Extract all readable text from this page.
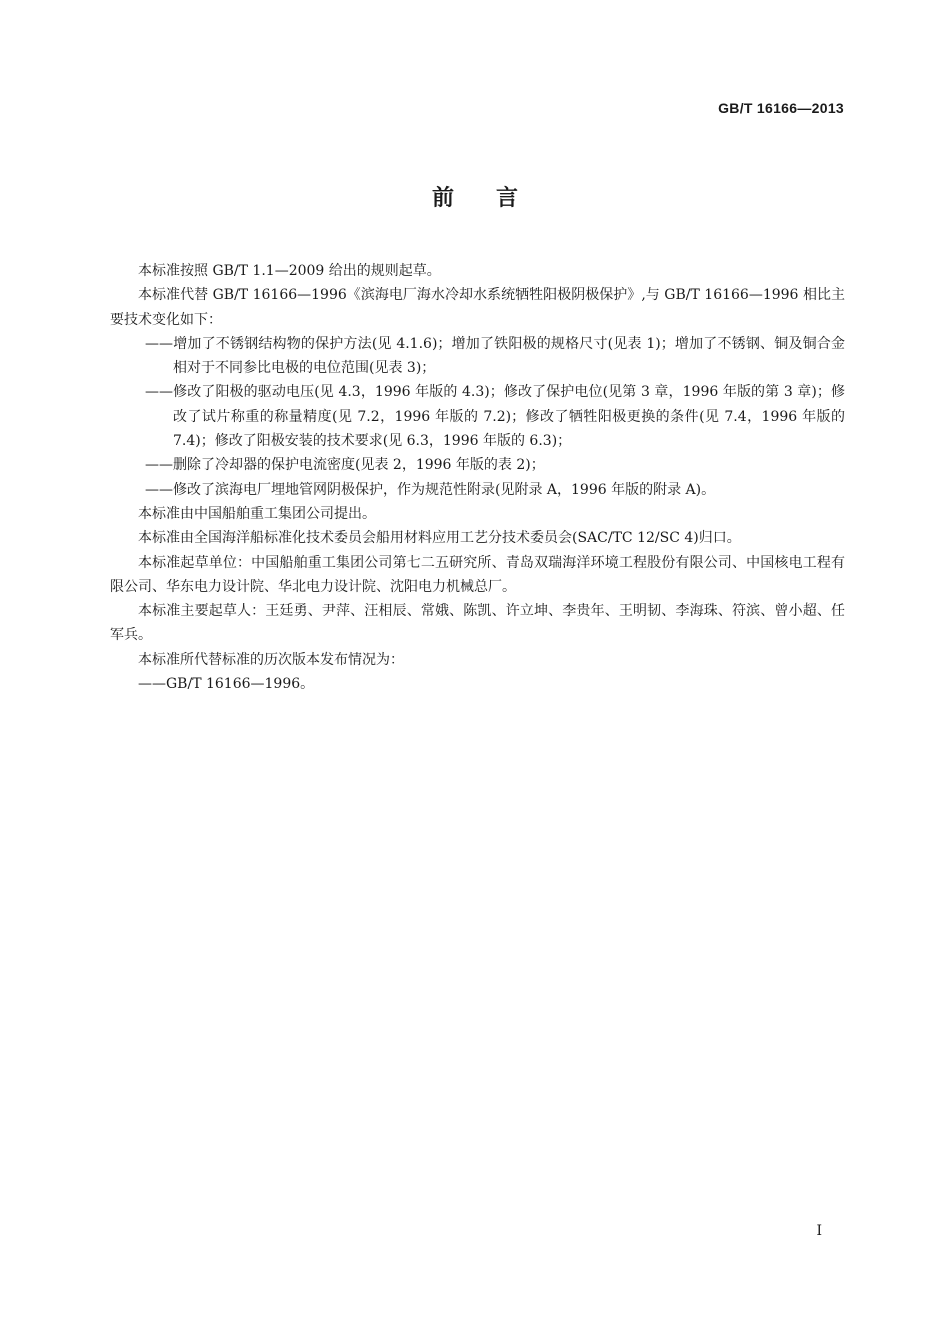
GB/T 16166—2013
前言

本标准按照 GB/T 1.1—2009 给出的规则起草。

本标准代替 GB/T 16166—1996《滨海电厂海水冷却水系统牺牲阳极阴极保护》,与 GB/T 16166—1996 相比主要技术变化如下：

——增加了不锈钢结构物的保护方法(见 4.1.6)；增加了铁阳极的规格尺寸(见表 1)；增加了不锈钢、铜及铜合金相对于不同参比电极的电位范围(见表 3)；

——修改了阳极的驱动电压(见 4.3，1996 年版的 4.3)；修改了保护电位(见第 3 章，1996 年版的第 3 章)；修改了试片称重的称量精度(见 7.2，1996 年版的 7.2)；修改了牺牲阳极更换的条件(见 7.4，1996 年版的 7.4)；修改了阳极安装的技术要求(见 6.3，1996 年版的 6.3)；

——删除了冷却器的保护电流密度(见表 2，1996 年版的表 2)；

——修改了滨海电厂埋地管网阴极保护，作为规范性附录(见附录 A，1996 年版的附录 A)。

本标准由中国船舶重工集团公司提出。

本标准由全国海洋船标准化技术委员会船用材料应用工艺分技术委员会(SAC/TC 12/SC 4)归口。

本标准起草单位：中国船舶重工集团公司第七二五研究所、青岛双瑞海洋环境工程股份有限公司、中国核电工程有限公司、华东电力设计院、华北电力设计院、沈阳电力机械总厂。

本标准主要起草人：王廷勇、尹萍、汪相辰、常娥、陈凯、许立坤、李贵年、王明韧、李海珠、符滨、曾小超、任军兵。

本标准所代替标准的历次版本发布情况为：

——GB/T 16166—1996。

I
